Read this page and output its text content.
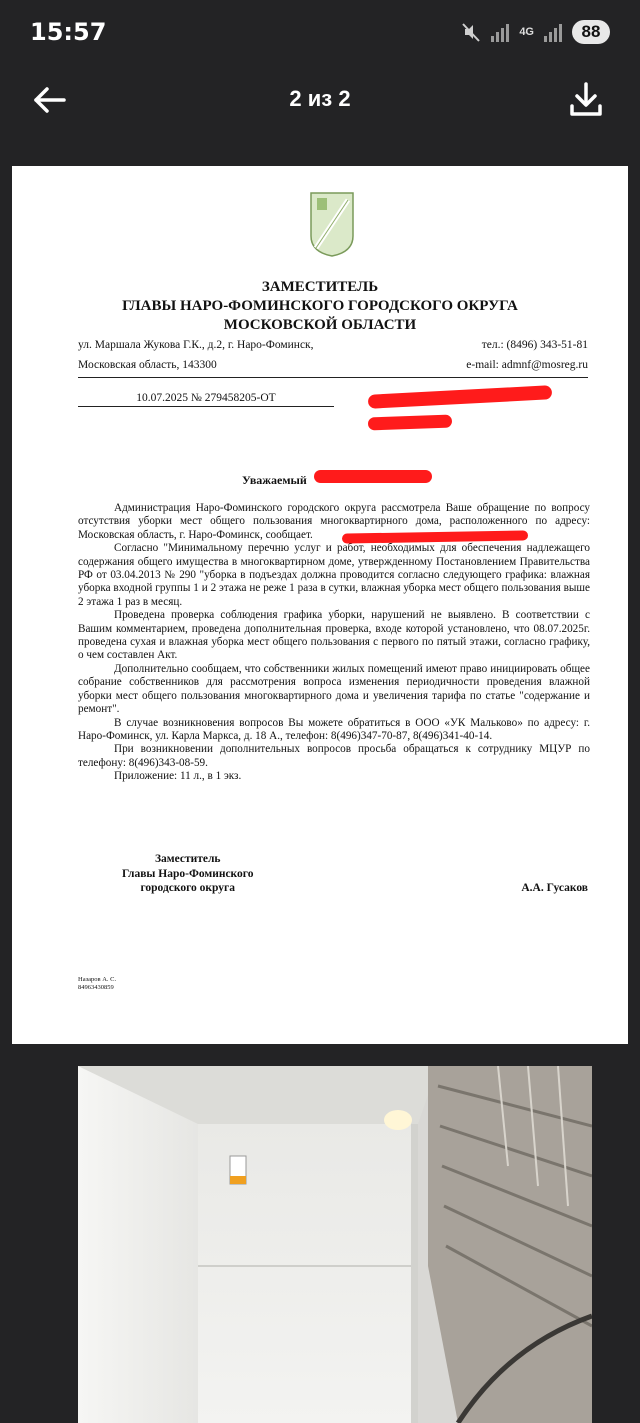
15:57	4G	88
2 из 2
ЗАМЕСТИТЕЛЬ
ГЛАВЫ НАРО-ФОМИНСКОГО ГОРОДСКОГО ОКРУГА
МОСКОВСКОЙ ОБЛАСТИ
ул. Маршала Жукова Г.К., д.2, г. Наро-Фоминск,
Московская область, 143300
тел.: (8496) 343-51-81
e-mail: admnf@mosreg.ru
10.07.2025 № 279458205-ОТ
Уважаемый

Администрация Наро-Фоминского городского округа рассмотрела Ваше обращение по вопросу отсутствия уборки мест общего пользования многоквартирного дома, расположенного по адресу: Московская область, г. Наро-Фоминск, сообщает.

Согласно "Минимальному перечню услуг и работ, необходимых для обеспечения надлежащего содержания общего имущества в многоквартирном доме, утвержденному Постановлением Правительства РФ от 03.04.2013 № 290 "уборка в подъездах должна проводится согласно следующего графика: влажная уборка входной группы 1 и 2 этажа не реже 1 раза в сутки, влажная уборка мест общего пользования выше 2 этажа 1 раз в месяц.

Проведена проверка соблюдения графика уборки, нарушений не выявлено. В соответствии с Вашим комментарием, проведена дополнительная проверка, входе которой установлено, что 08.07.2025г. проведена сухая и влажная уборка мест общего пользования с первого по пятый этажи, согласно графику, о чем составлен Акт.

Дополнительно сообщаем, что собственники жилых помещений имеют право инициировать общее собрание собственников для рассмотрения вопроса изменения периодичности проведения влажной уборки мест общего пользования многоквартирного дома и увеличения тарифа по статье "содержание и ремонт".

В случае возникновения вопросов Вы можете обратиться в ООО «УК Мальково» по адресу: г. Наро-Фоминск, ул. Карла Маркса, д. 18 А., телефон: 8(496)347-70-87, 8(496)341-40-14.

При возникновении дополнительных вопросов просьба обращаться к сотруднику МЦУР по телефону: 8(496)343-08-59.

Приложение: 11 л., в 1 экз.

Заместитель
Главы Наро-Фоминского
городского округа	А.А. Гусаков
Назаров А. С.
84963430859
